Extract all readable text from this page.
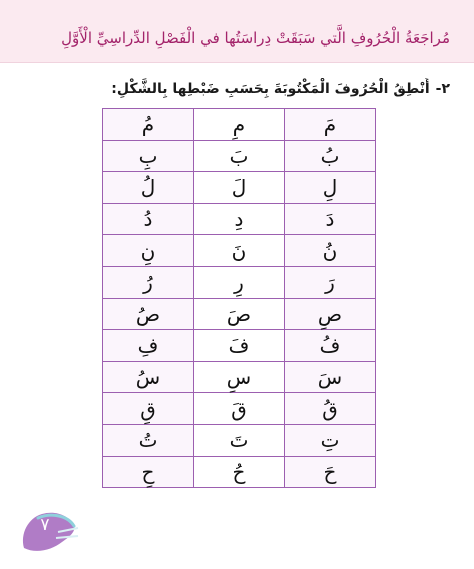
مُراجَعَةُ الْحُرُوفِ الَّتي سَبَقَتْ دِراسَتُها في الْفَصْلِ الدِّراسِيِّ الْأَوَّلِ
٢-أَنْطِقُ الْحُرُوفَ الْمَكْتُوبَةَ بِحَسَبِ ضَبْطِها بِالشَّكْلِ:
مَ	مِ	مُ
بُ	بَ	بِ
لِ	لَ	لُ
دَ	دِ	دُ
نُ	نَ	نِ
رَ	رِ	رُ
صِ	صَ	صُ
فُ	فَ	فِ
سَ	سِ	سُ
قُ	قَ	قِ
تِ	تَ	تُ
حَ	حُ	حِ
٧
